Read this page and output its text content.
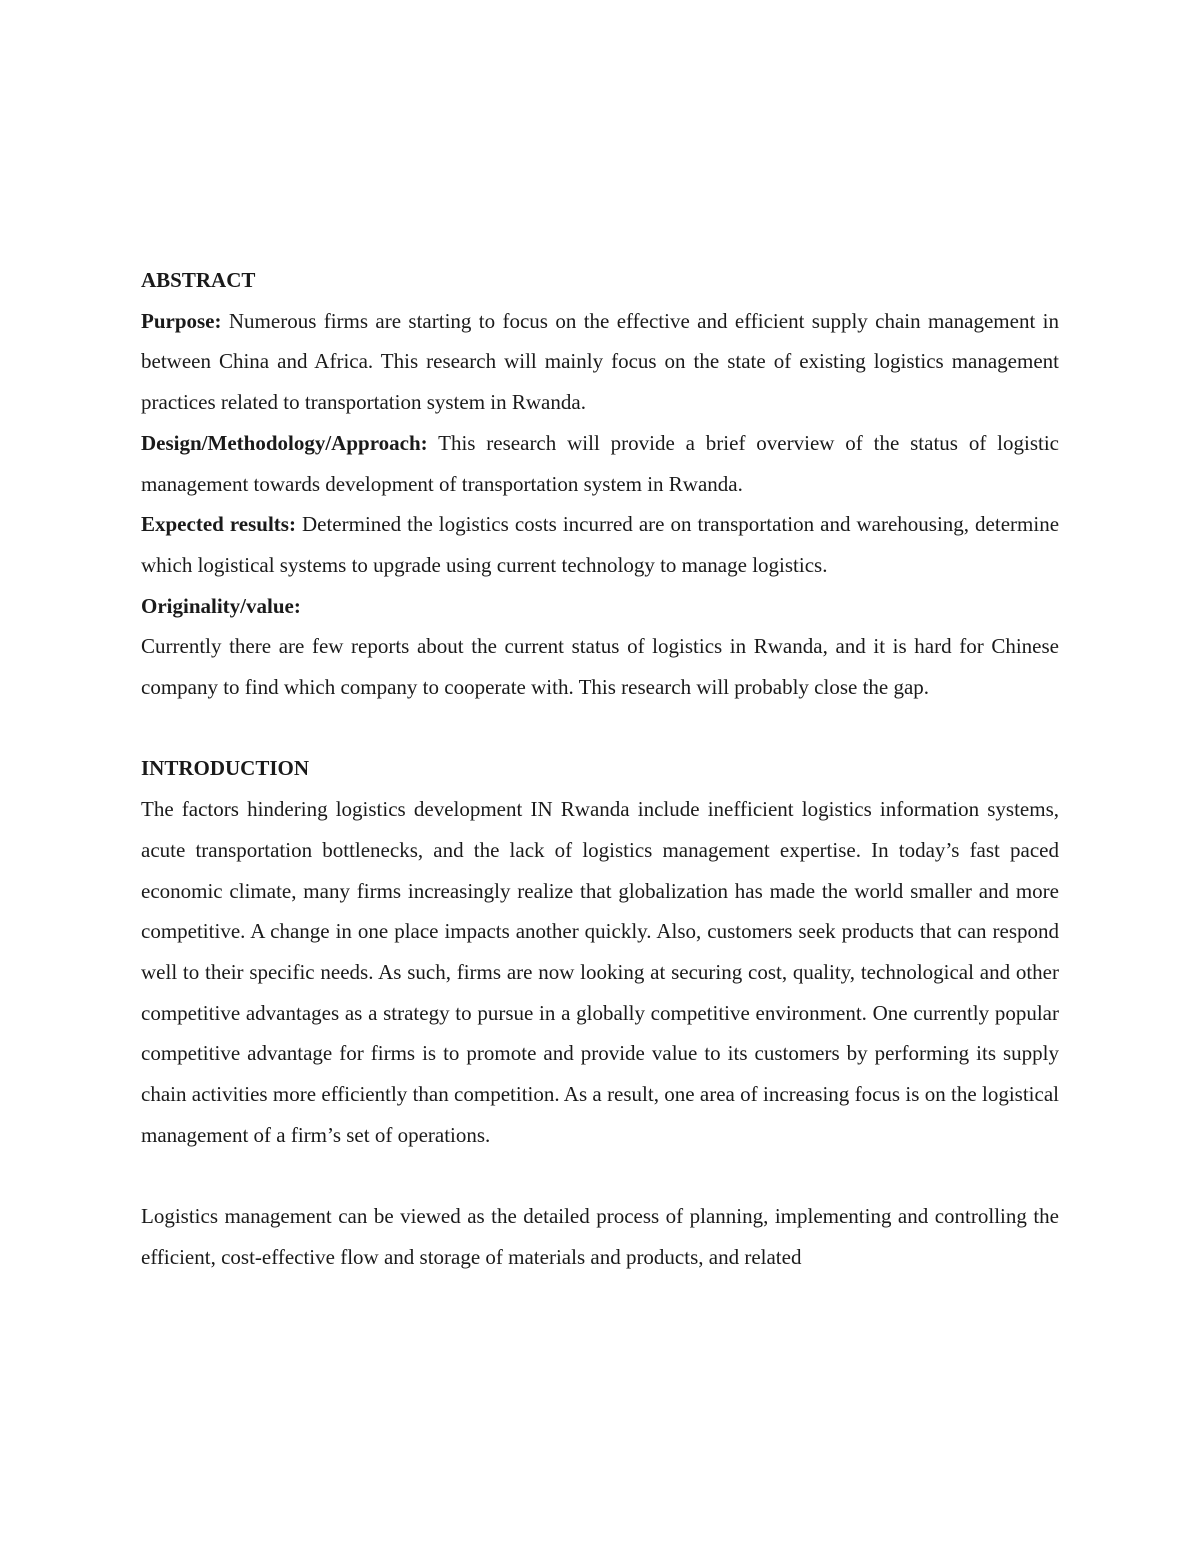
ABSTRACT

Purpose: Numerous firms are starting to focus on the effective and efficient supply chain management in between China and Africa. This research will mainly focus on the state of existing logistics management practices related to transportation system in Rwanda.

Design/Methodology/Approach: This research will provide a brief overview of the status of logistic management towards development of transportation system in Rwanda.

Expected results: Determined the logistics costs incurred are on transportation and warehousing, determine which logistical systems to upgrade using current technology to manage logistics.

Originality/value:

Currently there are few reports about the current status of logistics in Rwanda, and it is hard for Chinese company to find which company to cooperate with. This research will probably close the gap.

INTRODUCTION

The factors hindering logistics development IN Rwanda include inefficient logistics information systems, acute transportation bottlenecks, and the lack of logistics management expertise. In today’s fast paced economic climate, many firms increasingly realize that globalization has made the world smaller and more competitive. A change in one place impacts another quickly. Also, customers seek products that can respond well to their specific needs. As such, firms are now looking at securing cost, quality, technological and other competitive advantages as a strategy to pursue in a globally competitive environment. One currently popular competitive advantage for firms is to promote and provide value to its customers by performing its supply chain activities more efficiently than competition. As a result, one area of increasing focus is on the logistical management of a firm’s set of operations.

Logistics management can be viewed as the detailed process of planning, implementing and controlling the efficient, cost-effective flow and storage of materials and products, and related
